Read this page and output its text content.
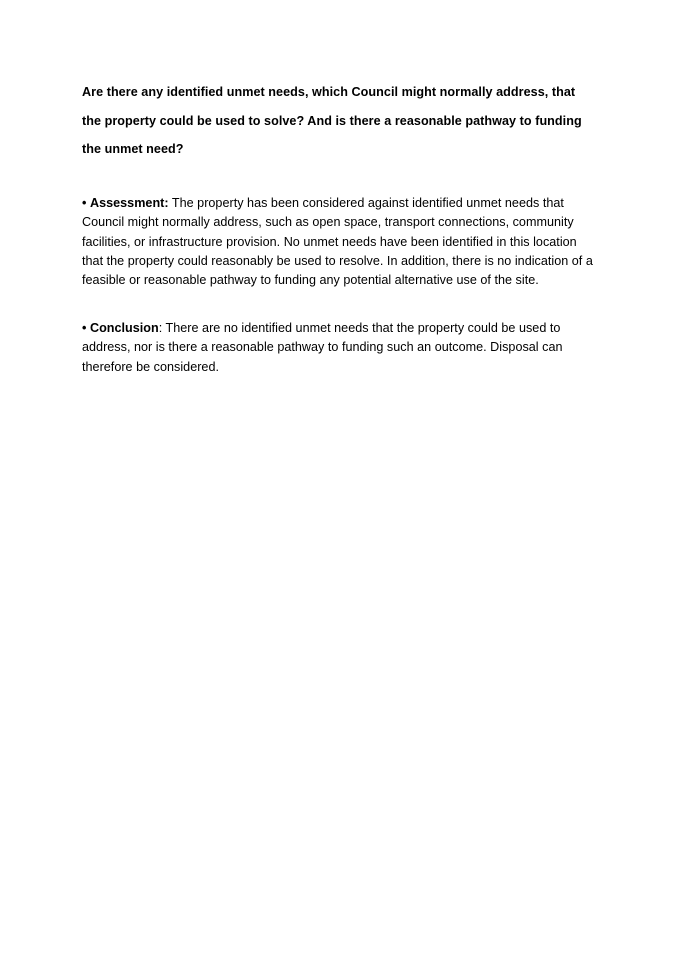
Are there any identified unmet needs, which Council might normally address, that the property could be used to solve? And is there a reasonable pathway to funding the unmet need?

• Assessment: The property has been considered against identified unmet needs that Council might normally address, such as open space, transport connections, community facilities, or infrastructure provision. No unmet needs have been identified in this location that the property could reasonably be used to resolve. In addition, there is no indication of a feasible or reasonable pathway to funding any potential alternative use of the site.

• Conclusion: There are no identified unmet needs that the property could be used to address, nor is there a reasonable pathway to funding such an outcome. Disposal can therefore be considered.
